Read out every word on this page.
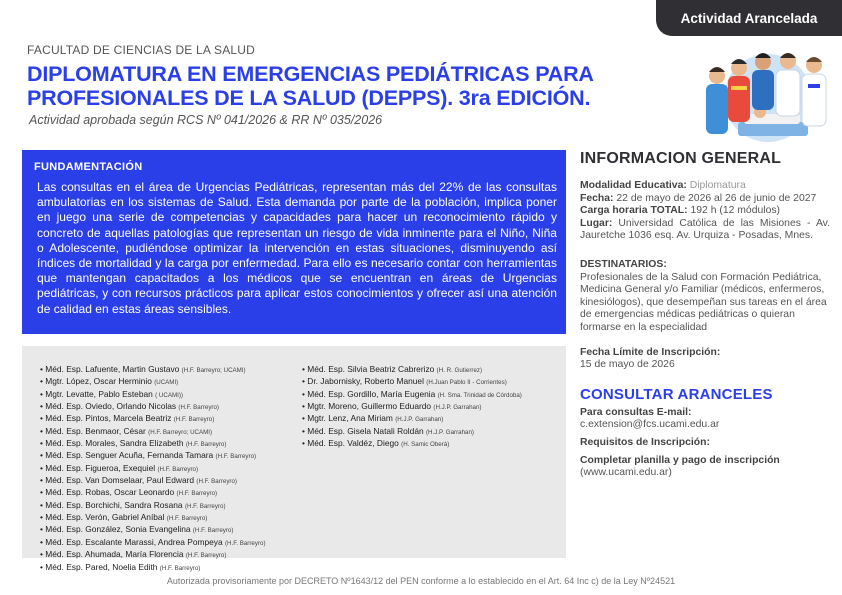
Actividad Arancelada
FACULTAD DE CIENCIAS DE LA SALUD
DIPLOMATURA EN EMERGENCIAS PEDIÁTRICAS PARA
PROFESIONALES DE LA SALUD (DEPPS). 3ra EDICIÓN.
Actividad aprobada según RCS Nº 041/2026 & RR Nº 035/2026
FUNDAMENTACIÓN
Las consultas en el área de Urgencias Pediátricas, representan más del 22% de las consultas ambulatorias en los sistemas de Salud. Esta demanda por parte de la población, implica poner en juego una serie de competencias y capacidades para hacer un reconocimiento rápido y concreto de aquellas patologías que representan un riesgo de vida inminente para el Niño, Niña o Adolescente, pudiéndose optimizar la intervención en estas situaciones, disminuyendo así índices de mortalidad y la carga por enfermedad. Para ello es necesario contar con herramientas que mantengan capacitados a los médicos que se encuentran en áreas de Urgencias pediátricas, y con recursos prácticos para aplicar estos conocimientos y ofrecer así una atención de calidad en estas áreas sensibles.
• Méd. Esp. Lafuente, Martin Gustavo (H.F. Barreyro; UCAMI)
• Mgtr. López, Oscar Herminio (UCAMI)
• Mgtr. Levatte, Pablo Esteban ( UCAMI))
• Méd. Esp. Oviedo, Orlando Nicolas (H.F. Barreyro)
• Méd. Esp. Pintos, Marcela Beatriz (H.F. Barreyro)
• Méd. Esp. Benmaor, César (H.F. Barreyro; UCAMI)
• Méd. Esp. Morales, Sandra Elizabeth (H.F. Barreyro)
• Méd. Esp. Senguer Acuña, Fernanda Tamara (H.F. Barreyro)
• Méd. Esp. Figueroa, Exequiel (H.F. Barreyro)
• Méd. Esp. Van Domselaar, Paul Edward (H.F. Barreyro)
• Méd. Esp. Robas, Oscar Leonardo (H.F. Barreyro)
• Méd. Esp. Borchichi, Sandra Rosana (H.F. Barreyro)
• Méd. Esp. Verón, Gabriel Aníbal (H.F. Barreyro)
• Méd. Esp. González, Sonia Evangelina (H.F. Barreyro)
• Méd. Esp. Escalante Marassi, Andrea Pompeya (H.F. Barreyro)
• Méd. Esp. Ahumada, María Florencia (H.F. Barreyro)
• Méd. Esp. Pared, Noelia Edith (H.F. Barreyro)
• Méd. Esp. Silvia Beatriz Cabrerizo (H. R. Gutierrez)
• Dr. Jabornisky, Roberto Manuel (H.Juan Pablo II - Corrientes)
• Méd. Esp. Gordillo, María Eugenia (H. Sma. Trinidad de Córdoba)
• Mgtr. Moreno, Guillermo Eduardo (H.J.P. Garrahan)
• Mgtr. Lenz, Ana Miriam (H.J.P. Garrahan)
• Méd. Esp. Gisela Natali Roldán (H.J.P. Garrahan)
• Méd. Esp. Valdéz, Diego (H. Samic Oberá)
INFORMACION GENERAL

Modalidad Educativa: Diplomatura

Fecha: 22 de mayo de 2026 al 26 de junio de 2027

Carga horaria TOTAL: 192 h (12 módulos)

Lugar: Universidad Católica de las Misiones - Av. Jauretche 1036 esq. Av. Urquiza - Posadas, Mnes.

DESTINATARIOS:

Profesionales de la Salud con Formación Pediátrica, Medicina General y/o Familiar (médicos, enfermeros, kinesiólogos), que desempeñan sus tareas en el área de emergencias médicas pediátricas o quieran formarse en la especialidad

Fecha Límite de Inscripción:

15 de mayo de 2026

CONSULTAR ARANCELES

Para consultas E-mail:

c.extension@fcs.ucami.edu.ar

Requisitos de Inscripción:

Completar planilla y pago de inscripción (www.ucami.edu.ar)

Autorizada provisoriamente por DECRETO Nº1643/12 del PEN conforme a lo establecido en el Art. 64 Inc c) de la Ley Nº24521
